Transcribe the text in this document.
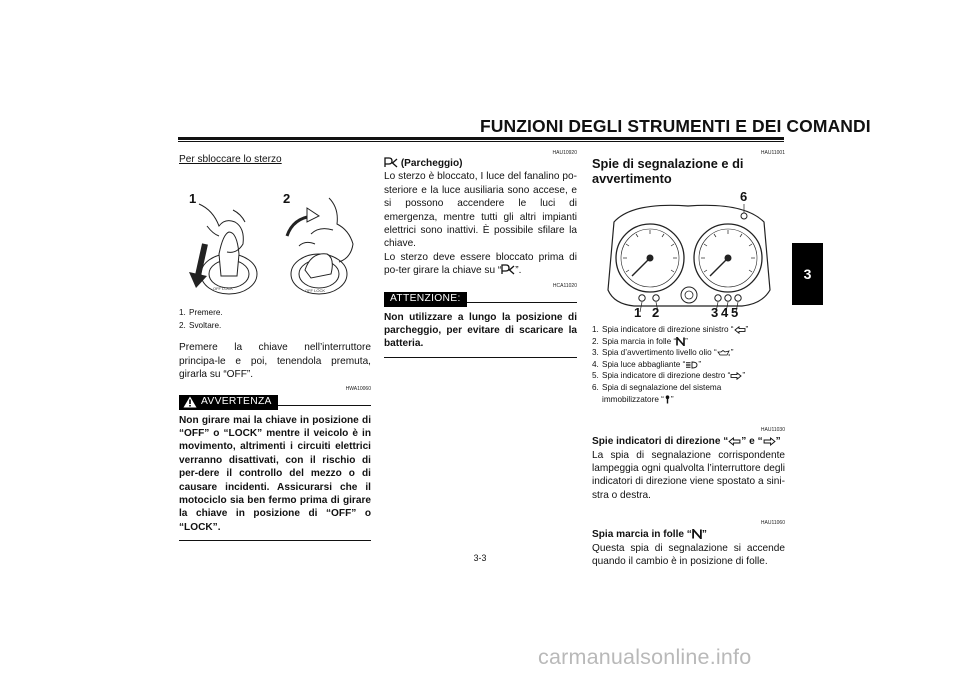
FUNZIONI DEGLI STRUMENTI E DEI COMANDI
3
Per sbloccare lo sterzo
1	2
OFF LOCK	OFF LOCK
1. Premere.
2. Svoltare.

Premere la chiave nell’interruttore principa-le e poi, tenendola premuta, girarla su “OFF”.

HWA10060
AVVERTENZA

Non girare mai la chiave in posizione di “OFF” o “LOCK” mentre il veicolo è in movimento, altrimenti i circuiti elettrici verranno disattivati, con il rischio di per-dere il controllo del mezzo o di causare incidenti. Assicurarsi che il motociclo sia ben fermo prima di girare la chiave in posizione di “OFF” o “LOCK”.

HAU10920
(Parcheggio)

Lo sterzo è bloccato, I luce del fanalino po-steriore e la luce ausiliaria sono accese, e si possono accendere le luci di emergenza, mentre tutti gli altri impianti elettrici sono inattivi. È possibile sfilare la chiave.

Lo sterzo deve essere bloccato prima di po-ter girare la chiave su “ ”.

HCA11020
ATTENZIONE:

Non utilizzare a lungo la posizione di parcheggio, per evitare di scaricare la batteria.

HAU11001
Spie di segnalazione e di avvertimento
1 2	3 4 5
6
1. Spia indicatore di direzione sinistro “ ”
2. Spia marcia in folle “ ”
3. Spia d’avvertimento livello olio “ ”
4. Spia luce abbagliante “ ”
5. Spia indicatore di direzione destro “ ”
6. Spia di segnalazione del sistema immobilizzatore “ ”
HAU11030
Spie indicatori di direzione “ ” e “ ”

La spia di segnalazione corrispondente lampeggia ogni qualvolta l’interruttore degli indicatori di direzione viene spostato a sini-stra o destra.

HAU11060
Spia marcia in folle “ ”

Questa spia di segnalazione si accende quando il cambio è in posizione di folle.

3-3
carmanualsonline.info
